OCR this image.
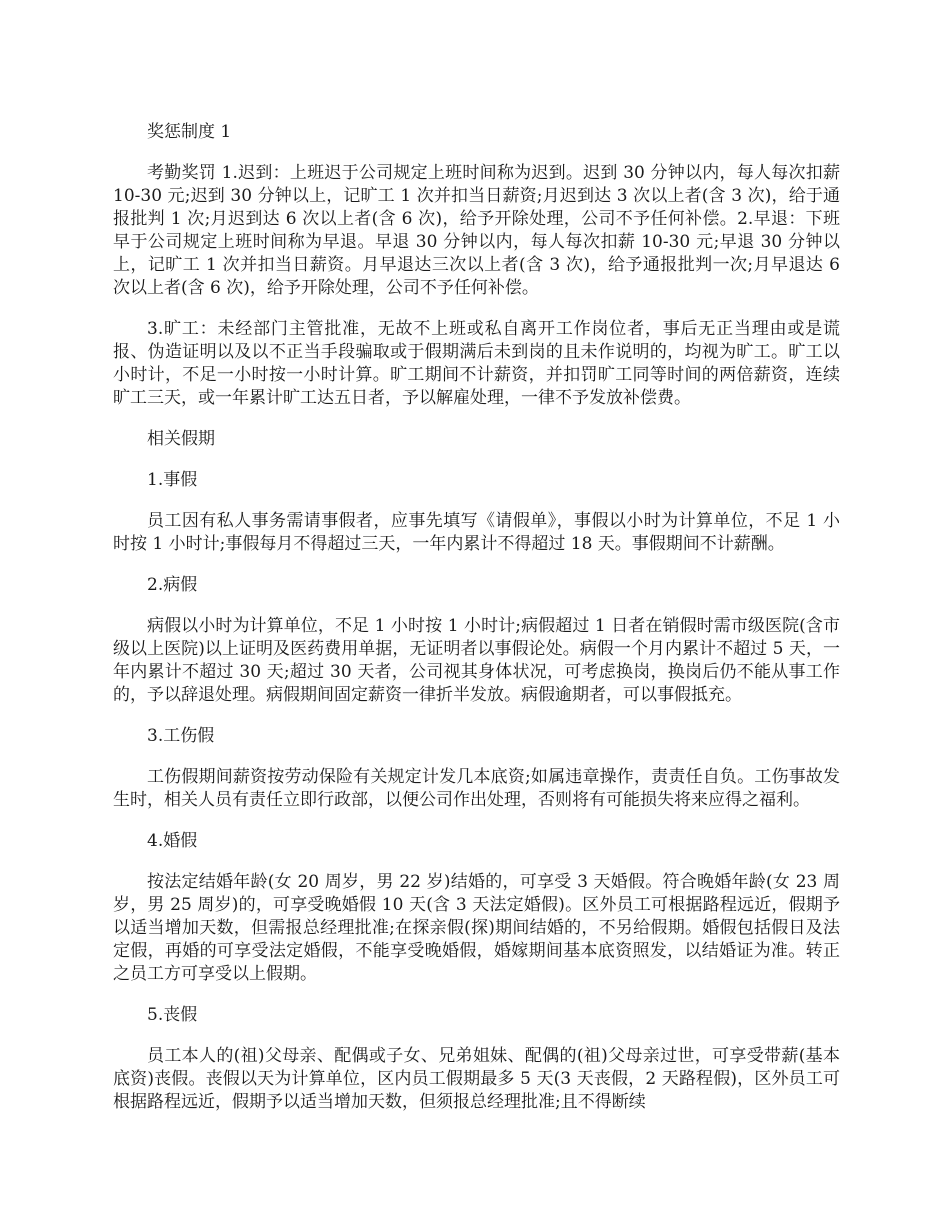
奖惩制度 1

考勤奖罚 1.迟到：上班迟于公司规定上班时间称为迟到。迟到 30 分钟以内，每人每次扣薪 10-30 元;迟到 30 分钟以上，记旷工 1 次并扣当日薪资;月迟到达 3 次以上者(含 3 次)，给于通报批判 1 次;月迟到达 6 次以上者(含 6 次)，给予开除处理，公司不予任何补偿。2.早退：下班早于公司规定上班时间称为早退。早退 30 分钟以内，每人每次扣薪 10-30 元;早退 30 分钟以上，记旷工 1 次并扣当日薪资。月早退达三次以上者(含 3 次)，给予通报批判一次;月早退达 6 次以上者(含 6 次)，给予开除处理，公司不予任何补偿。

3.旷工：未经部门主管批准，无故不上班或私自离开工作岗位者，事后无正当理由或是谎报、伪造证明以及以不正当手段骗取或于假期满后未到岗的且未作说明的，均视为旷工。旷工以小时计，不足一小时按一小时计算。旷工期间不计薪资，并扣罚旷工同等时间的两倍薪资，连续旷工三天，或一年累计旷工达五日者，予以解雇处理，一律不予发放补偿费。

相关假期

1.事假

员工因有私人事务需请事假者，应事先填写《请假单》，事假以小时为计算单位，不足 1 小时按 1 小时计;事假每月不得超过三天，一年内累计不得超过 18 天。事假期间不计薪酬。

2.病假

病假以小时为计算单位，不足 1 小时按 1 小时计;病假超过 1 日者在销假时需市级医院(含市级以上医院)以上证明及医药费用单据，无证明者以事假论处。病假一个月内累计不超过 5 天，一年内累计不超过 30 天;超过 30 天者，公司视其身体状况，可考虑换岗，换岗后仍不能从事工作的，予以辞退处理。病假期间固定薪资一律折半发放。病假逾期者，可以事假抵充。

3.工伤假

工伤假期间薪资按劳动保险有关规定计发几本底资;如属违章操作，责责任自负。工伤事故发生时，相关人员有责任立即行政部，以便公司作出处理，否则将有可能损失将来应得之福利。

4.婚假

按法定结婚年龄(女 20 周岁，男 22 岁)结婚的，可享受 3 天婚假。符合晚婚年龄(女 23 周岁，男 25 周岁)的，可享受晚婚假 10 天(含 3 天法定婚假)。区外员工可根据路程远近，假期予以适当增加天数，但需报总经理批准;在探亲假(探)期间结婚的，不另给假期。婚假包括假日及法定假，再婚的可享受法定婚假，不能享受晚婚假，婚嫁期间基本底资照发，以结婚证为准。转正之员工方可享受以上假期。

5.丧假

员工本人的(祖)父母亲、配偶或子女、兄弟姐妹、配偶的(祖)父母亲过世，可享受带薪(基本底资)丧假。丧假以天为计算单位，区内员工假期最多 5 天(3 天丧假，2 天路程假)，区外员工可根据路程远近，假期予以适当增加天数，但须报总经理批准;且不得断续
